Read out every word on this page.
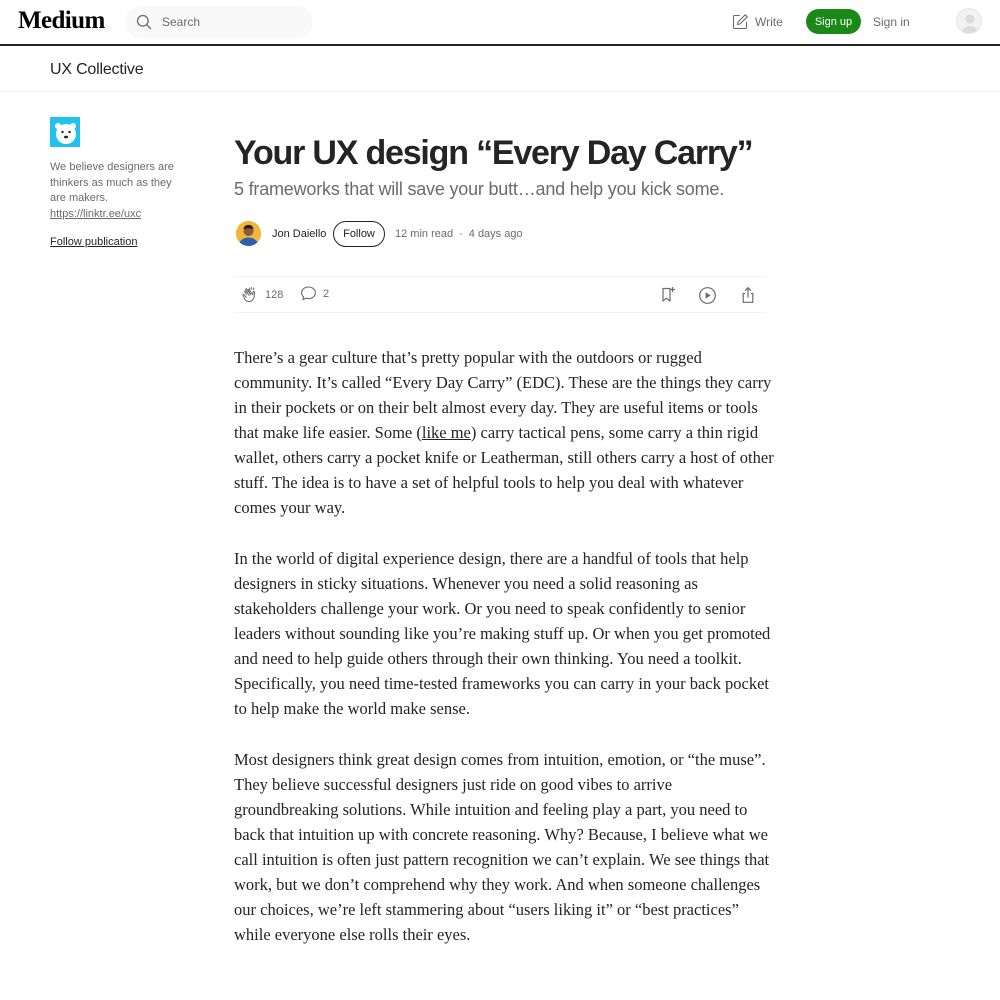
Medium
Search	Write	Sign up	Sign in
UX Collective
We believe designers are thinkers as much as they are makers.
https://linktr.ee/uxc
Follow publication
Your UX design “Every Day Carry”
5 frameworks that will save your butt…and help you kick some.
Jon Daiello	Follow	12 min read · 4 days ago
128	2

There’s a gear culture that’s pretty popular with the outdoors or rugged community. It’s called “Every Day Carry” (EDC). These are the things they carry in their pockets or on their belt almost every day. They are useful items or tools that make life easier. Some (like me) carry tactical pens, some carry a thin rigid wallet, others carry a pocket knife or Leatherman, still others carry a host of other stuff. The idea is to have a set of helpful tools to help you deal with whatever comes your way.

In the world of digital experience design, there are a handful of tools that help designers in sticky situations. Whenever you need a solid reasoning as stakeholders challenge your work. Or you need to speak confidently to senior leaders without sounding like you’re making stuff up. Or when you get promoted and need to help guide others through their own thinking. You need a toolkit. Specifically, you need time-tested frameworks you can carry in your back pocket to help make the world make sense.

Most designers think great design comes from intuition, emotion, or “the muse”. They believe successful designers just ride on good vibes to arrive groundbreaking solutions. While intuition and feeling play a part, you need to back that intuition up with concrete reasoning. Why? Because, I believe what we call intuition is often just pattern recognition we can’t explain. We see things that work, but we don’t comprehend why they work. And when someone challenges our choices, we’re left stammering about “users liking it” or “best practices” while everyone else rolls their eyes.
